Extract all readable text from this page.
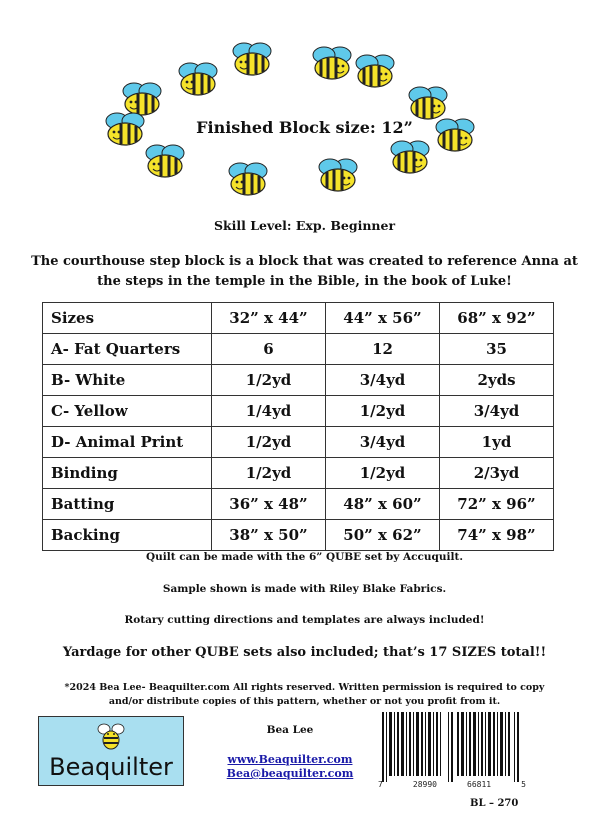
Finished Block size: 12”
Skill Level: Exp. Beginner
The courthouse step block is a block that was created to reference Anna at the steps in the temple in the Bible, in the book of Luke!
Sizes	32” x 44”	44” x 56”	68” x 92”
A- Fat Quarters	6	12	35
B- White	1/2yd	3/4yd	2yds
C- Yellow	1/4yd	1/2yd	3/4yd
D- Animal Print	1/2yd	3/4yd	1yd
Binding	1/2yd	1/2yd	2/3yd
Batting	36” x 48”	48” x 60”	72” x 96”
Backing	38” x 50”	50” x 62”	74” x 98”
Quilt can be made with the 6” QUBE set by Accuquilt.
Sample shown is made with Riley Blake Fabrics.
Rotary cutting directions and templates are always included!
Yardage for other QUBE sets also included; that’s 17 SIZES total!!
*2024 Bea Lee- Beaquilter.com All rights reserved. Written permission is required to copy
and/or distribute copies of this pattern, whether or not you profit from it.
Beaquilter
Bea Lee
www.Beaquilter.com
Bea@beaquilter.com
7	28990	66811	5
BL – 270
